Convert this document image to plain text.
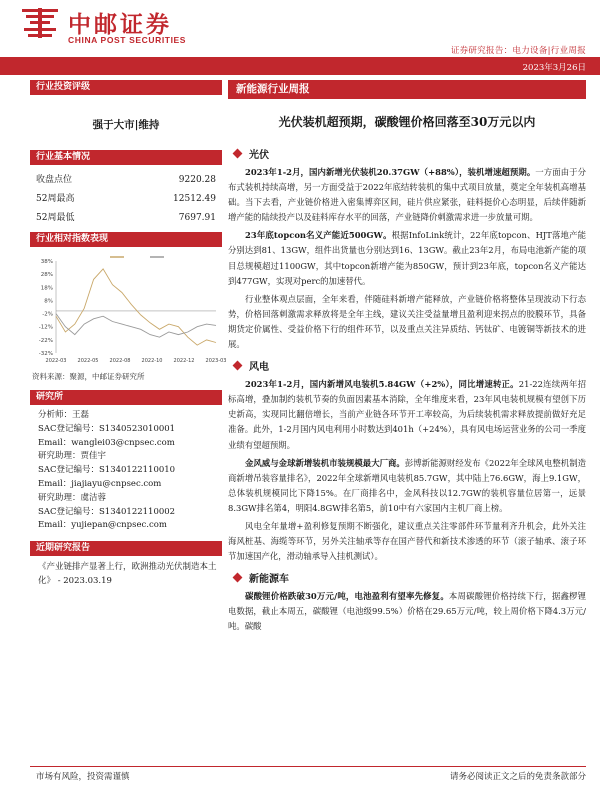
中邮证券
CHINA POST SECURITIES
证券研究报告：电力设备|行业周报
2023年3月26日
行业投资评级
强于大市|维持
行业基本情况
收盘点位	9220.28
52周最高	12512.49
52周最低	7697.91
行业相对指数表现
38%
28%
18%
8%
-2%
-12%
-22%
-32%
2022-03 2022-05 2022-08 2022-10 2022-12 2023-03
资料来源：聚源，中邮证券研究所
研究所
分析师：王磊
SAC登记编号：S1340523010001
Email：wanglei03@cnpsec.com
研究助理：贾佳宇
SAC登记编号：S1340122110010
Email：jiajiayu@cnpsec.com
研究助理：虞洁蓉
SAC登记编号：S1340122110002
Email：yujiepan@cnpsec.com
近期研究报告
《产业链排产显著上行，欧洲推动光伏制造本土化》 - 2023.03.19
新能源行业周报
光伏装机超预期，碳酸锂价格回落至30万元以内
光伏

2023年1-2月，国内新增光伏装机20.37GW（+88%），装机增速超预期。一方面由于分布式装机持续高增，另一方面受益于2022年底结转装机的集中式项目放量，奠定全年装机高增基础。当下去看，产业链价格进入密集博弈区间，硅片供应紧张，硅料挺价心态明显，后续伴随新增产能的陆续投产以及硅料库存水平的回落，产业链降价刺激需求进一步放量可期。

23年底topcon名义产能近500GW。根据InfoLink统计，22年底topcon、HJT落地产能分别达到81、13GW，组件出货量也分别达到16、13GW。截止23年2月，布局电池新产能的项目总规模超过1100GW，其中topcon新增产能为850GW，预计到23年底，topcon名义产能达到477GW，实现对perc的加速替代。

行业整体观点层面，全年来看，伴随硅料新增产能释放，产业链价格将整体呈现波动下行态势，价格回落刺激需求释放将是全年主线，建议关注受益量增且盈利迎来拐点的胶膜环节，具备期货定价属性、受益价格下行的组件环节，以及重点关注异质结、钙钛矿、电镀铜等新技术的进展。

风电

2023年1-2月，国内新增风电装机5.84GW（+2%），同比增速转正。21-22连续两年招标高增，叠加制约装机节奏的负面因素基本消除，全年维度来看，23年风电装机规模有望创下历史新高，实现同比翻倍增长，当前产业链各环节开工率较高，为后续装机需求释放提前做好充足准备。此外，1-2月国内风电利用小时数达到401h（+24%），具有风电场运营业务的公司一季度业绩有望超预期。

金风威与金球新增装机市装规模最大厂商。彭博新能源财经发布《2022年全球风电整机制造商新增吊装容量排名》，2022年全球新增风电装机85.7GW，其中陆上76.6GW，海上9.1GW，总体装机规模同比下降15%。在厂商排名中，金风科技以12.7GW的装机容量位居第一，远景8.3GW排名第4，明阳4.8GW排名第5，前10中有六家国内主机厂商上榜。

风电全年量增+盈利修复预期不断强化，建议重点关注零部件环节量利齐升机会，此外关注海风桩基、海缆等环节，另外关注轴承等存在国产替代和新技术渗透的环节（滚子轴承、滚子环节加速国产化，滑动轴承导入挂机测试）。

新能源车

碳酸锂价格跌破30万元/吨，电池盈利有望率先修复。本周碳酸锂价格持续下行，据鑫椤锂电数据，截止本周五，碳酸锂（电池级99.5%）价格在29.65万元/吨，较上周价格下降4.3万元/吨。碳酸

市场有风险，投资需谨慎	请务必阅读正文之后的免责条款部分
